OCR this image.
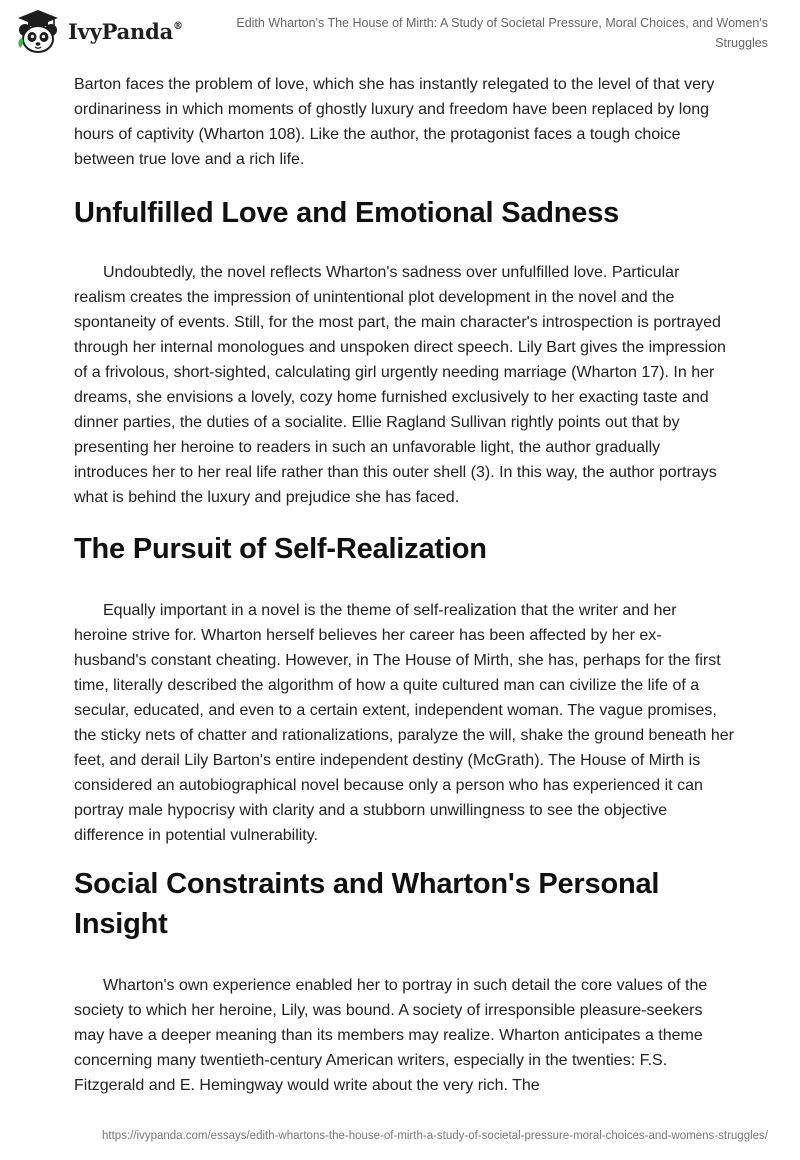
IvyPanda®	Edith Wharton's The House of Mirth: A Study of Societal Pressure, Moral Choices, and Women's Struggles

Barton faces the problem of love, which she has instantly relegated to the level of that very ordinariness in which moments of ghostly luxury and freedom have been replaced by long hours of captivity (Wharton 108). Like the author, the protagonist faces a tough choice between true love and a rich life.

Unfulfilled Love and Emotional Sadness

Undoubtedly, the novel reflects Wharton's sadness over unfulfilled love. Particular realism creates the impression of unintentional plot development in the novel and the spontaneity of events. Still, for the most part, the main character's introspection is portrayed through her internal monologues and unspoken direct speech. Lily Bart gives the impression of a frivolous, short-sighted, calculating girl urgently needing marriage (Wharton 17). In her dreams, she envisions a lovely, cozy home furnished exclusively to her exacting taste and dinner parties, the duties of a socialite. Ellie Ragland Sullivan rightly points out that by presenting her heroine to readers in such an unfavorable light, the author gradually introduces her to her real life rather than this outer shell (3). In this way, the author portrays what is behind the luxury and prejudice she has faced.

The Pursuit of Self-Realization

Equally important in a novel is the theme of self-realization that the writer and her heroine strive for. Wharton herself believes her career has been affected by her ex-husband's constant cheating. However, in The House of Mirth, she has, perhaps for the first time, literally described the algorithm of how a quite cultured man can civilize the life of a secular, educated, and even to a certain extent, independent woman. The vague promises, the sticky nets of chatter and rationalizations, paralyze the will, shake the ground beneath her feet, and derail Lily Barton's entire independent destiny (McGrath). The House of Mirth is considered an autobiographical novel because only a person who has experienced it can portray male hypocrisy with clarity and a stubborn unwillingness to see the objective difference in potential vulnerability.

Social Constraints and Wharton's Personal Insight

Wharton's own experience enabled her to portray in such detail the core values of the society to which her heroine, Lily, was bound. A society of irresponsible pleasure-seekers may have a deeper meaning than its members may realize. Wharton anticipates a theme concerning many twentieth-century American writers, especially in the twenties: F.S. Fitzgerald and E. Hemingway would write about the very rich. The

https://ivypanda.com/essays/edith-whartons-the-house-of-mirth-a-study-of-societal-pressure-moral-choices-and-womens-struggles/
